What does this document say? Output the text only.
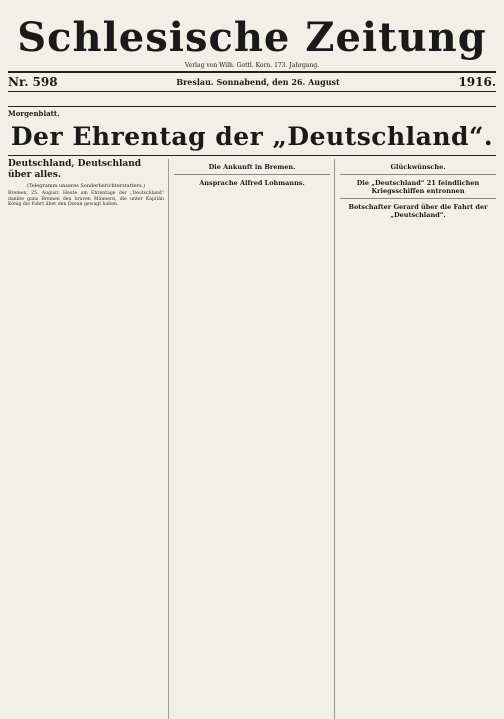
Schlesische Zeitung
Verlag von Wilh. Gottl. Korn. 173. Jahrgang.
Nr. 598	Breslau. Sonnabend, den 26. August	1916.
Morgenblatt.
Der Ehrentag der „Deutschland“.
Deutschland, Deutschland über alles.
(Telegramm unseres Sonderberichterstatters.)
Bremen, 25. August. Heute am Ehrentage der „Deutschland“ dankte ganz Bremen den braven Männern, die unter Kapitän König die Fahrt über den Ozean gewagt haben.
Die Ankunft in Bremen.
Ansprache Alfred Lohmanns.
Glückwünsche.
Die „Deutschland“ 21 feindlichen Kriegsschiffen entronnen
Botschafter Gerard über die Fahrt der „Deutschland“.
